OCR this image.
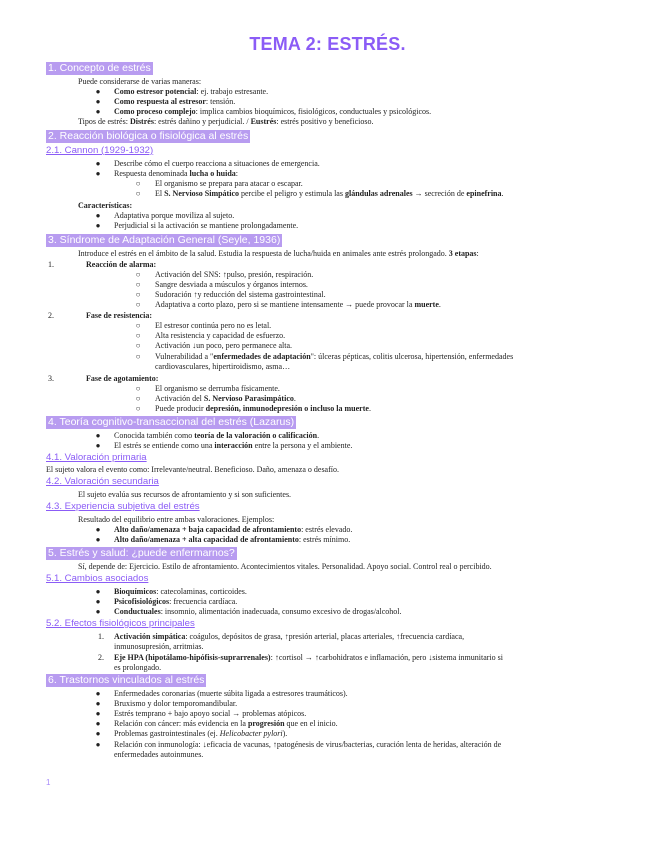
TEMA 2: ESTRÉS.
1. Concepto de estrés
Puede considerarse de varias maneras:
● Como estresor potencial: ej. trabajo estresante.
● Como respuesta al estresor: tensión.
● Como proceso complejo: implica cambios bioquímicos, fisiológicos, conductuales y psicológicos.
Tipos de estrés: Distrés: estrés dañino y perjudicial. / Eustrés: estrés positivo y beneficioso.
2. Reacción biológica o fisiológica al estrés
2.1. Cannon (1929-1932)
● Describe cómo el cuerpo reacciona a situaciones de emergencia.
● Respuesta denominada lucha o huida:
○ El organismo se prepara para atacar o escapar.
○ El S. Nervioso Simpático percibe el peligro y estimula las glándulas adrenales → secreción de epinefrina.
Características:
● Adaptativa porque moviliza al sujeto.
● Perjudicial si la activación se mantiene prolongadamente.
3. Síndrome de Adaptación General (Seyle, 1936)
Introduce el estrés en el ámbito de la salud. Estudia la respuesta de lucha/huida en animales ante estrés prolongado. 3 etapas:
1.	Reacción de alarma:
○ Activación del SNS: ↑pulso, presión, respiración.
○ Sangre desviada a músculos y órganos internos.
○ Sudoración ↑y reducción del sistema gastrointestinal.
○ Adaptativa a corto plazo, pero si se mantiene intensamente → puede provocar la muerte.
2.	Fase de resistencia:
○ El estresor continúa pero no es letal.
○ Alta resistencia y capacidad de esfuerzo.
○ Activación ↓un poco, pero permanece alta.
○ Vulnerabilidad a "enfermedades de adaptación": úlceras pépticas, colitis ulcerosa, hipertensión, enfermedades
cardiovasculares, hipertiroidismo, asma…
3.	Fase de agotamiento:
○ El organismo se derrumba físicamente.
○ Activación del S. Nervioso Parasimpático.
○ Puede producir depresión, inmunodepresión o incluso la muerte.
4. Teoría cognitivo-transaccional del estrés (Lazarus)
● Conocida también como teoría de la valoración o calificación.
● El estrés se entiende como una interacción entre la persona y el ambiente.
4.1. Valoración primaria
El sujeto valora el evento como: Irrelevante/neutral. Beneficioso. Daño, amenaza o desafío.
4.2. Valoración secundaria
El sujeto evalúa sus recursos de afrontamiento y si son suficientes.
4.3. Experiencia subjetiva del estrés
Resultado del equilibrio entre ambas valoraciones. Ejemplos:
● Alto daño/amenaza + baja capacidad de afrontamiento: estrés elevado.
● Alto daño/amenaza + alta capacidad de afrontamiento: estrés mínimo.
5. Estrés y salud: ¿puede enfermarnos?
Sí, depende de: Ejercicio. Estilo de afrontamiento. Acontecimientos vitales. Personalidad. Apoyo social. Control real o percibido.
5.1. Cambios asociados
● Bioquímicos: catecolaminas, corticoides.
● Psicofisiológicos: frecuencia cardíaca.
● Conductuales: insomnio, alimentación inadecuada, consumo excesivo de drogas/alcohol.
5.2. Efectos fisiológicos principales
1. Activación simpática: coágulos, depósitos de grasa, ↑presión arterial, placas arteriales, ↑frecuencia cardíaca,
inmunosupresión, arritmias.
2. Eje HPA (hipotálamo-hipófisis-suprarrenales): ↑cortisol → ↑carbohidratos e inflamación, pero ↓sistema inmunitario si
es prolongado.
6. Trastornos vinculados al estrés
● Enfermedades coronarias (muerte súbita ligada a estresores traumáticos).
● Bruxismo y dolor temporomandibular.
● Estrés temprano + bajo apoyo social → problemas atópicos.
● Relación con cáncer: más evidencia en la progresión que en el inicio.
● Problemas gastrointestinales (ej. Helicobacter pylori).
● Relación con inmunología: ↓eficacia de vacunas, ↑patogénesis de virus/bacterias, curación lenta de heridas, alteración de
enfermedades autoinmunes.
1
